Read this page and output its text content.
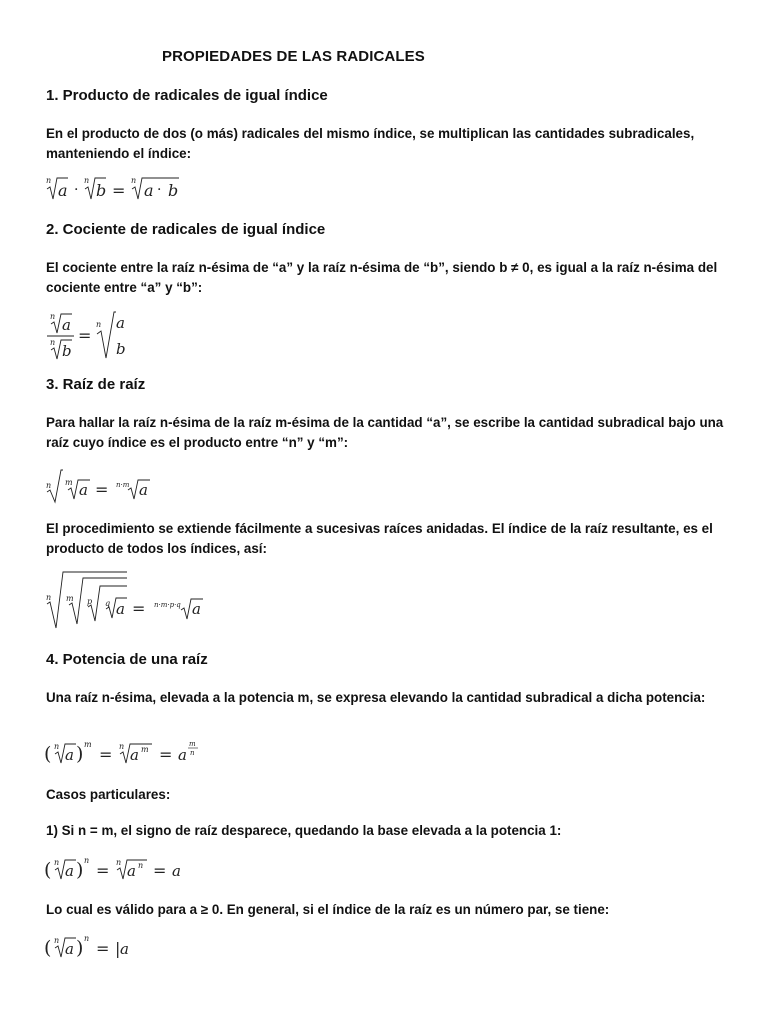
PROPIEDADES DE LAS RADICALES
1. Producto de radicales de igual índice
En el producto de dos (o más) radicales del mismo índice, se multiplican las cantidades subradicales, manteniendo el índice:
n
a ·
n
b =
n
a · b
2. Cociente de radicales de igual índice
El cociente entre la raíz n-ésima de “a” y la raíz n-ésima de “b”, siendo b ≠ 0, es igual a la raíz n-ésima del cociente entre “a” y “b”:
n a
n b
=
n a
b
3. Raíz de raíz
Para hallar la raíz n-ésima de la raíz m-ésima de la cantidad “a”, se escribe la cantidad subradical bajo una raíz cuyo índice es el producto entre “n” y “m”:
n m a = n·m a
El procedimiento se extiende fácilmente a sucesivas raíces anidadas. El índice de la raíz resultante, es el producto de todos los índices, así:
n m p q a = n·m·p·q a
4. Potencia de una raíz
Una raíz n-ésima, elevada a la potencia m, se expresa elevando la cantidad subradical a dicha potencia:
( n a ) m
= n a m = a
m
n
Casos particulares:
1) Si n = m, el signo de raíz desparece, quedando la base elevada a la potencia 1:
( n a ) n
= n a n = a
Lo cual es válido para a ≥ 0. En general, si el índice de la raíz es un número par, se tiene:
( n a ) n
= | a
